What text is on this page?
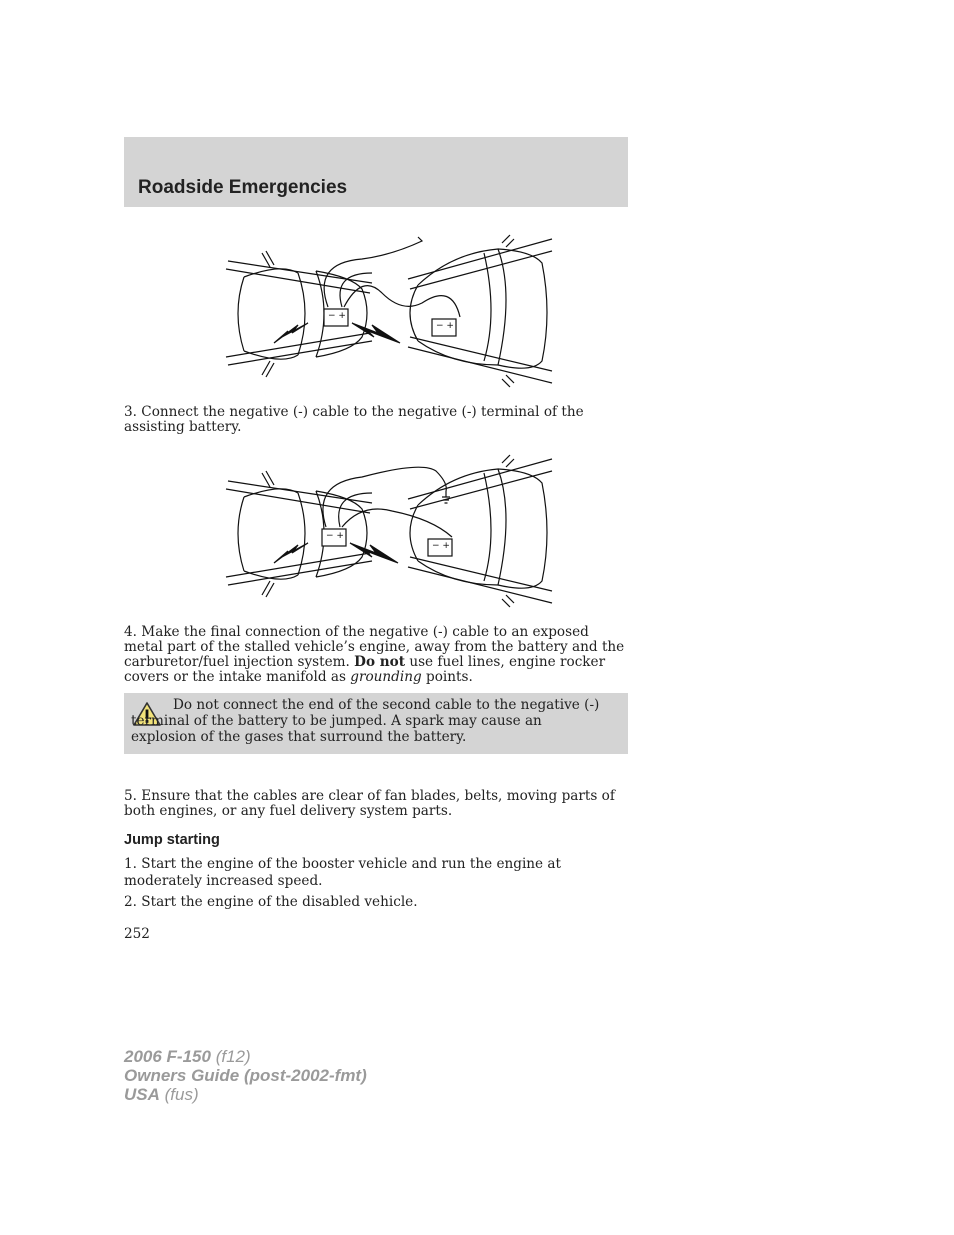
Roadside Emergencies
− +
− +

3. Connect the negative (-) cable to the negative (-) terminal of the assisting battery.

− +
− +

4. Make the final connection of the negative (-) cable to an exposed metal part of the stalled vehicle’s engine, away from the battery and the carburetor/fuel injection system. Do not use fuel lines, engine rocker covers or the intake manifold as grounding points.

Do not connect the end of the second cable to the negative (-) terminal of the battery to be jumped. A spark may cause an explosion of the gases that surround the battery.

5. Ensure that the cables are clear of fan blades, belts, moving parts of both engines, or any fuel delivery system parts.

Jump starting

1. Start the engine of the booster vehicle and run the engine at moderately increased speed.

2. Start the engine of the disabled vehicle.

252

2006 F-150 (f12)
Owners Guide (post-2002-fmt)
USA (fus)
